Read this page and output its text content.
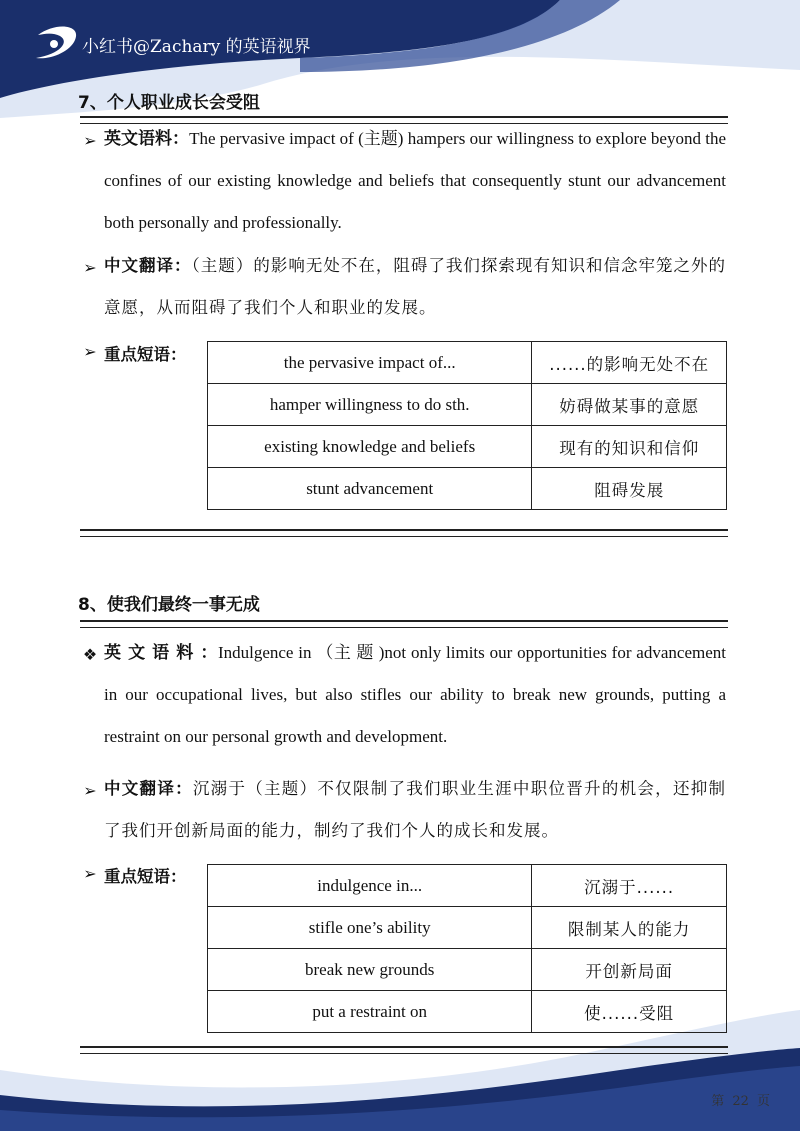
小红书@Zachary 的英语视界
7、个人职业成长会受阻
➢ 英文语料：The pervasive impact of (主题) hampers our willingness to explore beyond the confines of our existing knowledge and beliefs that consequently stunt our advancement both personally and professionally.
➢ 中文翻译：（主题）的影响无处不在，阻碍了我们探索现有知识和信念牢笼之外的意愿，从而阻碍了我们个人和职业的发展。
➢ 重点短语：	the pervasive impact of...	......的影响无处不在
hamper willingness to do sth.	妨碍做某事的意愿
existing knowledge and beliefs	现有的知识和信仰
stunt advancement	阻碍发展
8、使我们最终一事无成
❖ 英 文 语 料 ：Indulgence in （主 题 )not only limits our opportunities for advancement in our occupational lives, but also stifles our ability to break new grounds, putting a restraint on our personal growth and development.
➢ 中文翻译：沉溺于（主题）不仅限制了我们职业生涯中职位晋升的机会，还抑制了我们开创新局面的能力，制约了我们个人的成长和发展。
➢ 重点短语：	indulgence in...	沉溺于......
stifle one’s ability	限制某人的能力
break new grounds	开创新局面
put a restraint on	使......受阻
第 22 页
